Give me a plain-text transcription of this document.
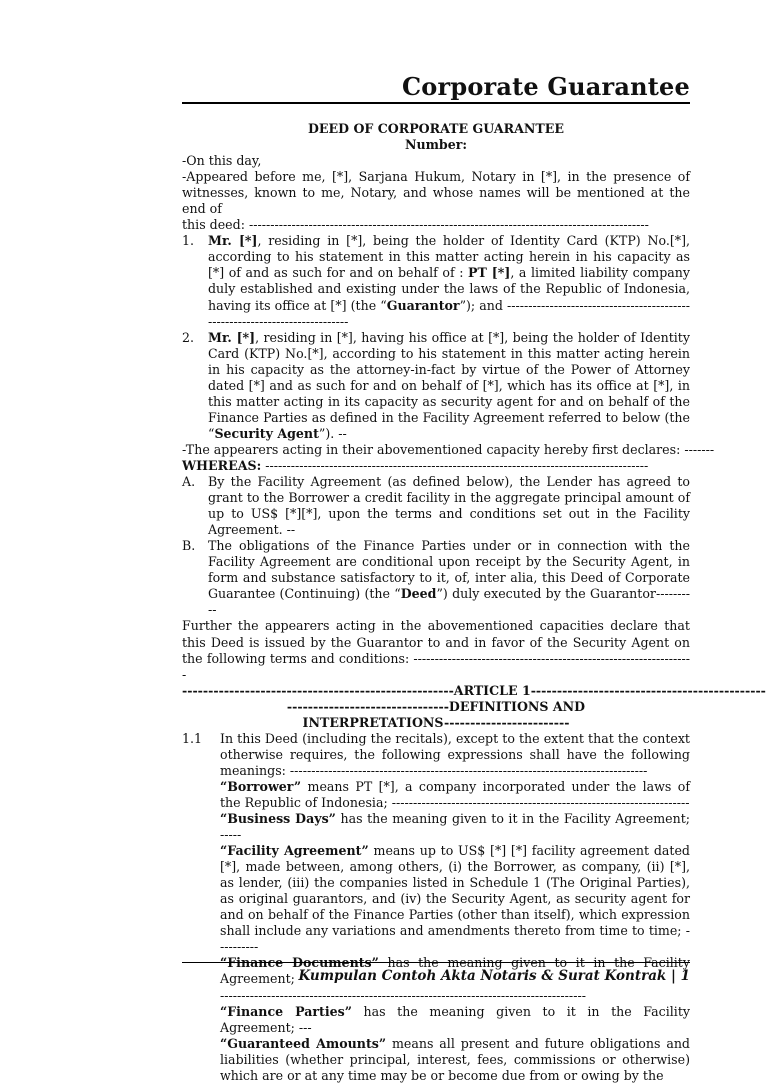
Corporate Guarantee

DEED OF CORPORATE GUARANTEE

Number:

-On this day,

-Appeared before me, [*], Sarjana Hukum, Notary in [*], in the presence of witnesses, known to me, Notary, and whose names will be mentioned at the end of

this deed: ----------------------------------------------------------------------------------------------

1.	Mr. [*], residing in [*], being the holder of Identity Card (KTP) No.[*], according to his statement in this matter acting herein in his capacity as [*] of and as such for and on behalf of : PT [*], a limited liability company duly established and existing under the laws of the Republic of Indonesia, having its office at [*] (the “Guarantor”); and ----------------------------------------------------------------------------
2.	Mr. [*], residing in [*], having his office at [*], being the holder of Identity Card (KTP) No.[*], according to his statement in this matter acting herein in his capacity as the attorney-in-fact by virtue of the Power of Attorney dated [*] and as such for and on behalf of [*], which has its office at [*], in this matter acting in its capacity as security agent for and on behalf of the Finance Parties as defined in the Facility Agreement referred to below (the “Security Agent”). --

-The appearers acting in their abovementioned capacity hereby first declares: -------

WHEREAS: ------------------------------------------------------------------------------------------

A.	By the Facility Agreement (as defined below), the Lender has agreed to grant to the Borrower a credit facility in the aggregate principal amount of up to US$ [*][*], upon the terms and conditions set out in the Facility Agreement. --
B.	The obligations of the Finance Parties under or in connection with the Facility Agreement are conditional upon receipt by the Security Agent, in form and substance satisfactory to it, of, inter alia, this Deed of Corporate Guarantee (Continuing) (the “Deed”) duly executed by the Guarantor----------

Further the appearers acting in the abovementioned capacities declare that this Deed is issued by the Guarantor to and in favor of the Security Agent on the following terms and conditions: ------------------------------------------------------------------

----------------------------------------------------ARTICLE 1---------------------------------------------

-------------------------------DEFINITIONS AND

INTERPRETATIONS------------------------

1.1	In this Deed (including the recitals), except to the extent that the context otherwise requires, the following expressions shall have the following meanings: ------------------------------------------------------------------------------------
“Borrower” means PT [*], a company incorporated under the laws of the Republic of Indonesia; ----------------------------------------------------------------------
“Business Days” has the meaning given to it in the Facility Agreement; -----
“Facility Agreement” means up to US$ [*] [*] facility agreement dated [*], made between, among others, (i) the Borrower, as company, (ii) [*], as lender, (iii) the companies listed in Schedule 1 (The Original Parties), as original guarantors, and (iv) the Security Agent, as security agent for and on behalf of the Finance Parties (other than itself), which expression shall include any variations and amendments thereto from time to time; ----------
“Finance Documents” has the meaning given to it in the Facility Agreement;
--------------------------------------------------------------------------------------
“Finance Parties” has the meaning given to it in the Facility Agreement; ---
“Guaranteed Amounts” means all present and future obligations and liabilities (whether principal, interest, fees, commissions or otherwise) which are or at any time may be or become due from or owing by the
Kumpulan Contoh Akta Notaris & Surat Kontrak | 1
